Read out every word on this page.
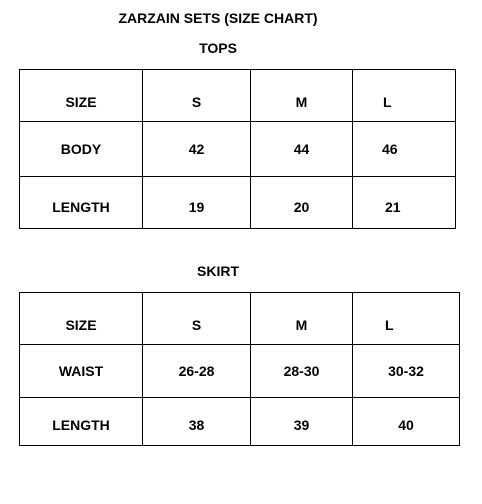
ZARZAIN SETS (SIZE CHART)
TOPS
SIZE	S	M	L
BODY	42	44	46
LENGTH	19	20	21
SKIRT
SIZE	S	M	L
WAIST	26-28	28-30	30-32
LENGTH	38	39	40
